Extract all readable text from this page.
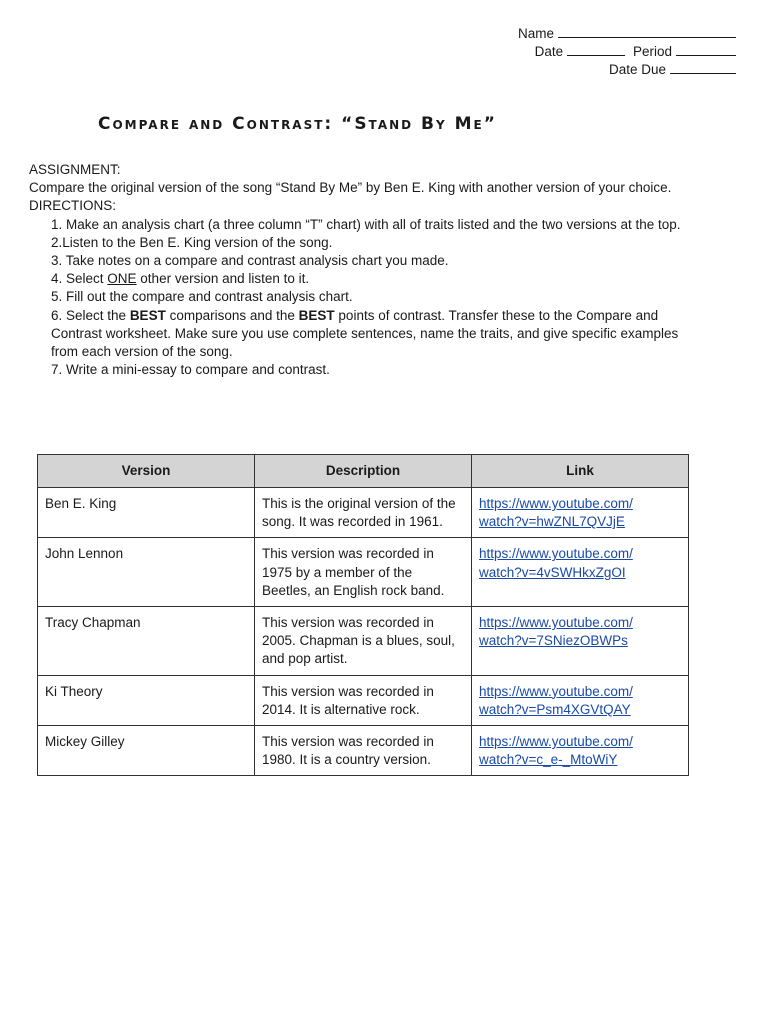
Name
Date	Period
Date Due
Compare and Contrast: “Stand By Me”

ASSIGNMENT:

Compare the original version of the song “Stand By Me” by Ben E. King with another version of your choice.

DIRECTIONS:

1. Make an analysis chart (a three column “T” chart) with all of traits listed and the two versions at the top.
2.Listen to the Ben E. King version of the song.
3. Take notes on a compare and contrast analysis chart you made.
4. Select ONE other version and listen to it.
5. Fill out the compare and contrast analysis chart.
6. Select the BEST comparisons and the BEST points of contrast. Transfer these to the Compare and Contrast worksheet. Make sure you use complete sentences, name the traits, and give specific examples from each version of the song.
7. Write a mini-essay to compare and contrast.
Version	Description	Link
Ben E. King	This is the original version of the song. It was recorded in 1961.	https://www.youtube.com/
watch?v=hwZNL7QVJjE

John Lennon	This version was recorded in 1975 by a member of the Beetles, an English rock band.	https://www.youtube.com/
watch?v=4vSWHkxZgOI

Tracy Chapman	This version was recorded in 2005. Chapman is a blues, soul, and pop artist.	https://www.youtube.com/
watch?v=7SNiezOBWPs

Ki Theory	This version was recorded in 2014. It is alternative rock.	https://www.youtube.com/
watch?v=Psm4XGVtQAY

Mickey Gilley	This version was recorded in 1980. It is a country version.	https://www.youtube.com/
watch?v=c_e-_MtoWiY
